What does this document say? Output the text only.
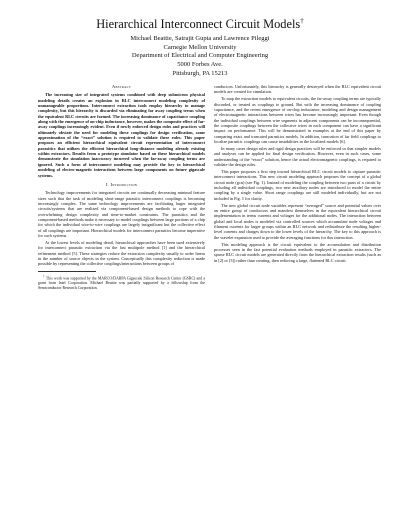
Hierarchical Interconnect Circuit Models†
Michael Beattie, Satrajit Gupta and Lawrence Pileggi
Carnegie Mellon University
Department of Electrical and Computer Engineering
5000 Forbes Ave.
Pittsburgh, PA 15213
Abstract

The increasing size of integrated systems combined with deep submicron physical modeling details creates an explosion in RLC interconnect modeling complexity of unmanageable proportions. Interconnect extraction tools employ hierarchy to manage complexity, but this hierarchy is discarded via eliminating far away coupling terms when the equivalent RLC circuits are formed. The increasing dominance of capacitance coupling along with the emergence of on-chip inductance, however, makes the composite effect of far-away couplings increasingly evident. Even if newly enforced design rules and practices will ultimately obviate the need for modeling these couplings for design verification, some approximation of the “exact” solution is required to validate these rules. This paper proposes an efficient hierarchical equivalent circuit representation of interconnect parasitics that utilizes the efficient hierarchical long-distance modeling already existing within extractors. Results from a prototype simulator based on these hierarchical models demonstrate the simulation inaccuracy incurred when the far-away coupling terms are ignored. Such a form of interconnect modeling may provide the key to hierarchical modeling of electro-magnetic interactions between large components on future gigascale systems.

I. Introduction

Technology improvements for integrated circuits are continually decreasing minimal feature sizes such that the task of modeling short-range parasitic interconnect couplings is becoming increasingly complex. The same technology improvements are facilitating larger integrated circuits/systems that are realized via component-based design methods to cope with the overwhelming design complexity and time-to-market constraints. The parasitics and the component-based methods make it necessary to model couplings between large portions of a chip for which the individual wire-to-wire couplings are largely insignificant but the collective effect of all couplings are important. Hierarchical models for interconnect parasitics become imperative for such systems.

At the lowest levels of modeling detail, hierarchical approaches have been used extensively for interconnect parasitic extraction via the fast multipole method [1] and the hierarchical refinement method [5]. These strategies reduce the extraction complexity usually to order linear in the number of source objects in the system. Conceptually this complexity reduction is made possible by representing the collective couplings/interactions between groups of

† This work was supported by the MARCO/DARPA Gigascale Silicon Research Center (GSRC) and a grant from Intel Corporation. Michael Beattie was partially supported by a fellowship from the Semiconductor Research Corporation.

conductors. Unfortunately, this hierarchy is generally destroyed when the RLC equivalent circuit models are created for simulation.

To map the extraction models to equivalent circuits, the far-away coupling terms are typically discarded, or treated as couplings to ground. But with the increasing dominance of coupling capacitance, and the recent emergence of on-chip inductance, modeling and design management of electromagnetic interactions between wires has become increasingly important. Even though the individual couplings between wire segments in adjacent components can be inconsequential, the composite couplings between the collective wires in each component can have a significant impact on performance. This will be demonstrated in examples at the end of this paper by comparing exact and truncated parasitics models. In addition, truncation of far field couplings to localize parasitic couplings can cause instabilities in the localized models [6].

In many cases design rules and rigid design practices will be enforced so that simpler models and analyses can be applied for final design verification. However, even in such cases, some understanding of the “exact” solution, hence the actual electromagnetic couplings, is required to validate the design rules.

This paper proposes a first step toward hierarchical RLC circuit models to capture parasitic interconnect interactions. This new circuit modeling approach proposes the concept of a global circuit node (gcn) (see Fig. 1). Instead of modeling the coupling between two parts of a circuit by including all individual couplings, two new auxiliary nodes are introduced to model the entire coupling by a single value. Short range couplings are still modeled individually, but are not included in Fig. 1 for clarity.

The new global circuit node variables represent “averaged” source and potential values over an entire group of conductors and manifest themselves in the equivalent hierarchical circuit implementation in terms currents and voltages for the additional nodes. The interaction between global and local nodes is modeled via controlled sources which accumulate node voltages and filament currents for larger groups within an RLC network and redistribute the resulting higher-level currents and charges down to the lower levels of the hierarchy. The key to this approach is the wavelet expansion used to provide the averaging functions for this interaction.

This modeling approach is the circuit equivalent to the accumulation and distribution processes seen in the fast potential evaluation methods employed in parasitic extractors. The sparse RLC circuit models are generated directly from the hierarchical extraction results (such as in [2] or [3]) rather than creating, then reducing a large, flattened RLC circuit.
